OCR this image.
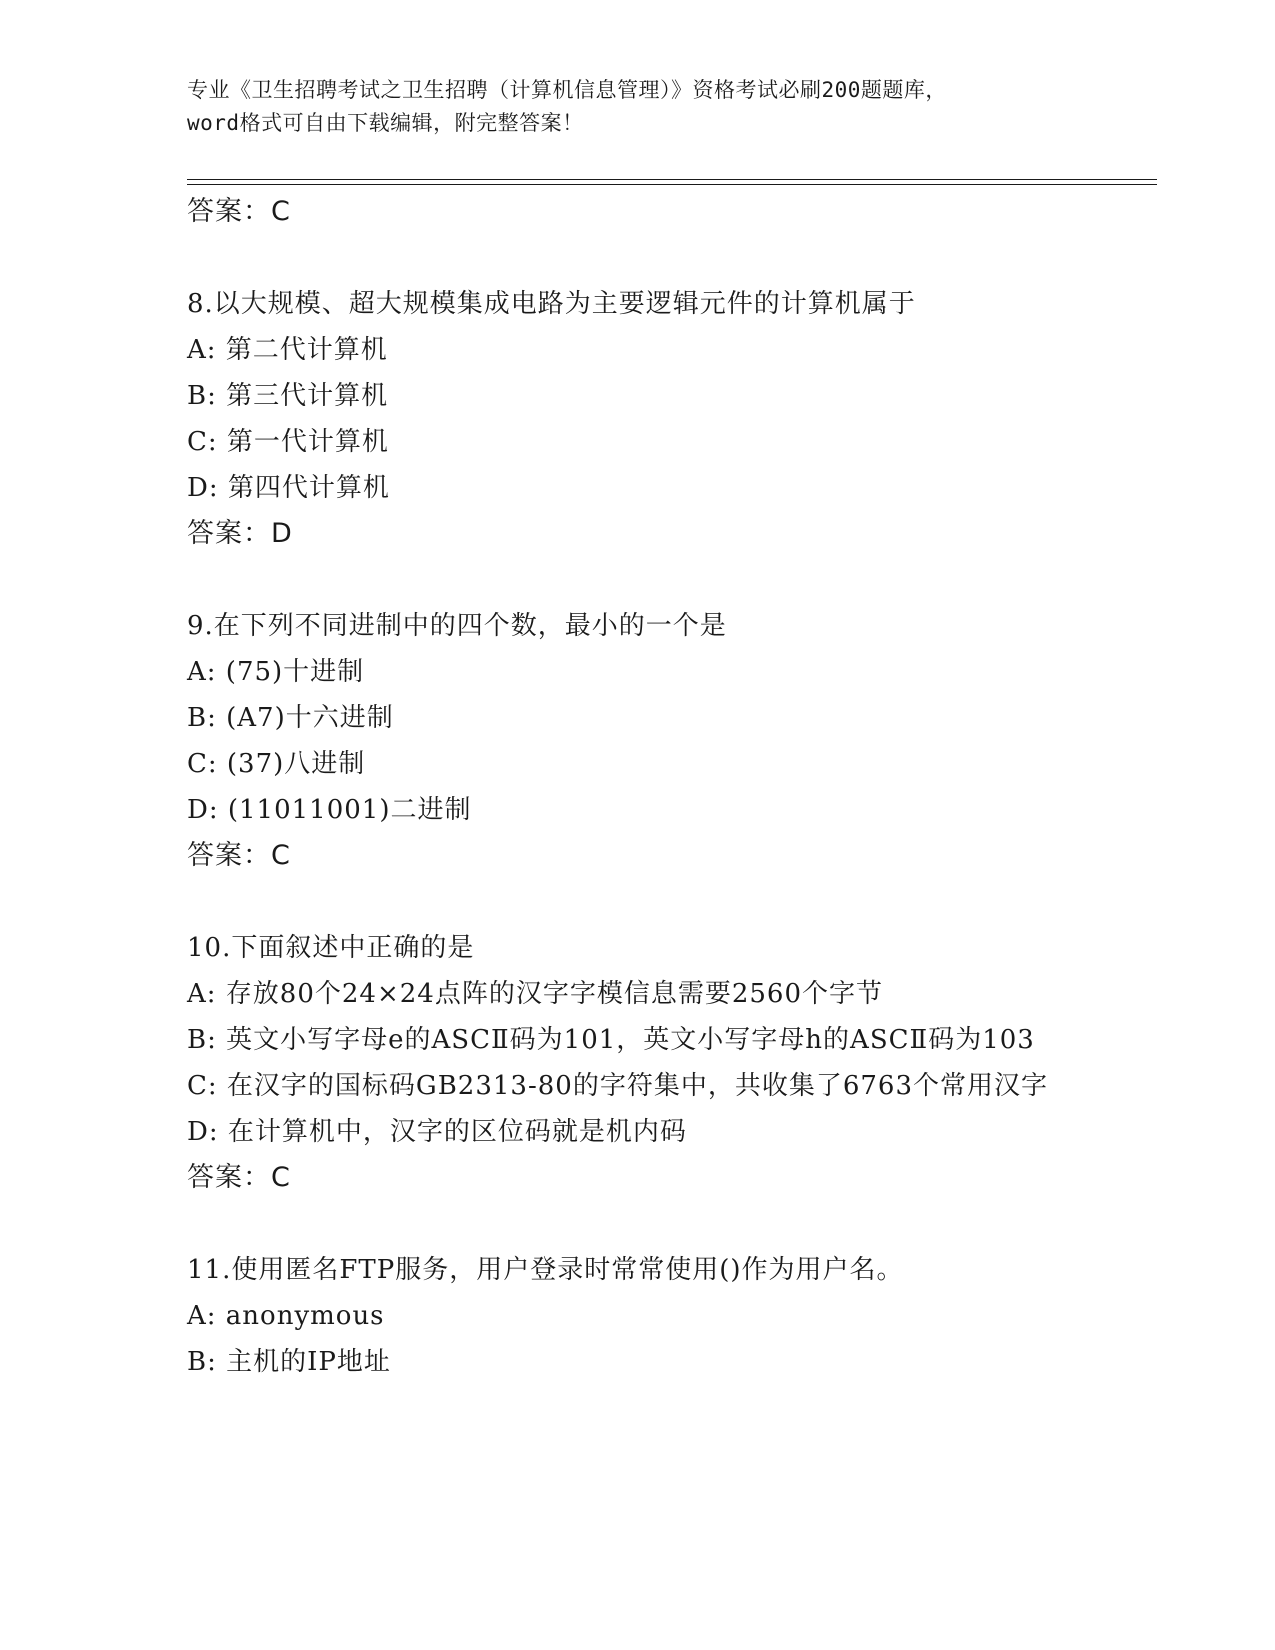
专业《卫生招聘考试之卫生招聘（计算机信息管理）》资格考试必刷200题题库，
word格式可自由下载编辑，附完整答案！
答案：C
8.以大规模、超大规模集成电路为主要逻辑元件的计算机属于
A: 第二代计算机
B: 第三代计算机
C: 第一代计算机
D: 第四代计算机
答案：D
9.在下列不同进制中的四个数，最小的一个是
A: (75)十进制
B: (A7)十六进制
C: (37)八进制
D: (11011001)二进制
答案：C
10.下面叙述中正确的是
A: 存放80个24×24点阵的汉字字模信息需要2560个字节
B: 英文小写字母e的ASCⅡ码为101，英文小写字母h的ASCⅡ码为103
C: 在汉字的国标码GB2313-80的字符集中，共收集了6763个常用汉字
D: 在计算机中，汉字的区位码就是机内码
答案：C
11.使用匿名FTP服务，用户登录时常常使用()作为用户名。
A: anonymous
B: 主机的IP地址
